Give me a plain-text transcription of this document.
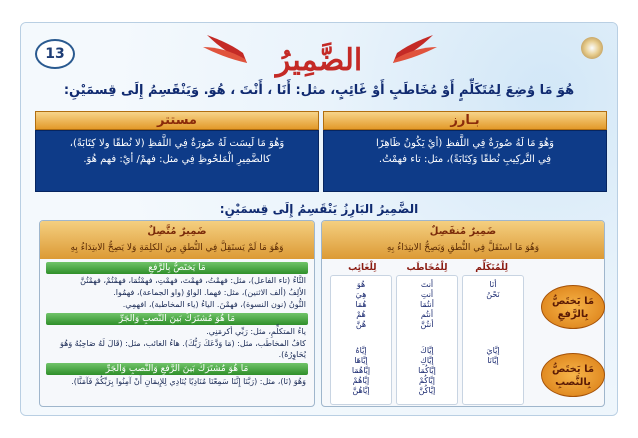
13	الضَّمِيرُ
هُوَ مَا وُضِعَ لِمُتَكَلِّمٍ أَوْ مُخَاطَبٍ أَوْ غَائِبٍ، مثل: أَنَا ، أَنْتَ ، هُوَ. وَيَنْقَسِمُ إِلَى قِسمَيْنِ:
بـارز
مستتر
وَهُوَ مَا لَهُ صُورَةٌ فِي اللَّفظِ (أيْ يَكُونُ ظَاهِرًا
فِي التَّركِيبِ نُطقًا وَكِتَابَةً)، مثل: تاء فهمْتُ.
وَهُوَ مَا لَيسَت لَهُ صُورَةٌ فِي اللَّفظِ (لا نُطقًا ولا كِتَابَةً)،
كالضَّمِيرِ الْمَلحُوظِ فِي مثل: فهمْ/ أيْ: فهم هُوَ.
الضَّمِيرُ البَارِزُ يَنْقَسِمُ إِلَى قِسمَيْنِ:
ضَمِيرٌ مُتَّصِلٌ
وَهُوَ مَا لَمْ يَستَقِلَّ فِي النُّطقِ مِنَ الكلِمَةِ وَلا يَصِحُّ الابتِدَاءُ بِهِ
مَا يَختَصُّ بِالرَّفعِ
التَّاءُ (تاء الفاعل)، مثل: فهمْتُ، فهمْتَ، فهمْتِ، فهمْتُمَا، فهمْتُمْ، فهمْتُنَّ
الألِفُ (ألف الاثنين)، مثل: فهما. الواوُ (واو الجماعة)، فهمُوا.
النُّونُ (نون النسوة)، فهمْنَ. الياءُ (ياء المخاطبة)، افهمِي.
مَا هُوَ مُشتَرَكٌ بَينَ النَّصبِ وَالجَرِّ
ياءُ المتكلِّمِ، مثل: رَبِّي أكرمَنِي.
كافُ المخاطَب، مثل: (مَا وَدَّعَكَ رَبُّكَ). هاءُ الغائب، مثل: (قَالَ لَهُ صَاحِبُهُ وَهُوَ يُحَاوِرُهُ).
مَا هُوَ مُشتَرَكٌ بَينَ الرَّفعِ وَالنَّصبِ وَالجَرِّ
وَهُوَ (نَا)، مثل: (رَبَّنَا إِنَّنَا سَمِعْنَا مُنَادِيًا يُنَادِي لِلإِيمَانِ أَنْ آمِنُوا بِرَبِّكُمْ فَآمَنَّا).
ضَمِيرٌ مُنفَصِلٌ
وَهُوَ مَا استَقَلَّ فِي النُّطقِ وَيَصِحُّ الابتِدَاءُ بِهِ
لِلْمُتَكَلِّم
لِلْمُخَاطَب
لِلْغَائِب
أنَا
نَحْنُ
إيَّايَ
إيَّانَا
أنتَ
أنتِ
أنتُمَا
أنتُم
أنتُنَّ
إيَّاكَ
إيَّاكِ
إيَّاكُمَا
إيَّاكُمْ
إيَّاكُنَّ
هُوَ
هِيَ
هُمَا
هُمْ
هُنَّ
إيَّاهُ
إيَّاهَا
إيَّاهُمَا
إيَّاهُمْ
إيَّاهُنَّ
مَا يَختَصُّ بِالرَّفعِ
مَا يَختَصُّ بِالنَّصبِ
